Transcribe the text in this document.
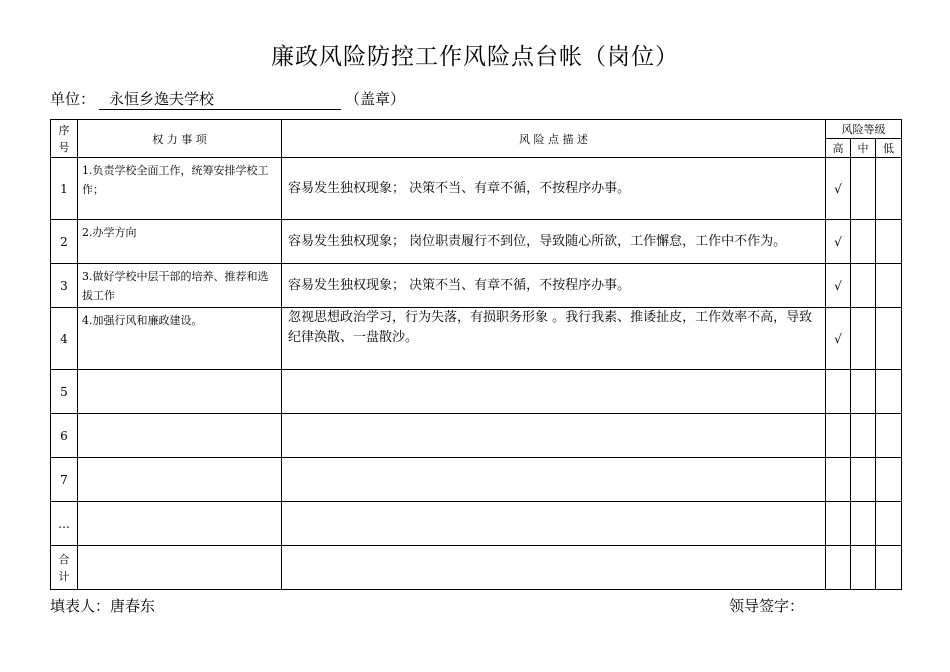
廉政风险防控工作风险点台帐（岗位）
单位： 永恒乡逸夫学校	（盖章）
序号	权 力 事 项	风 险 点 描 述	风险等级		
			高	中	低
1	1.负责学校全面工作，统筹安排学校工作；	容易发生独权现象； 决策不当、有章不循，不按程序办事。	√		
2	2.办学方向	容易发生独权现象； 岗位职责履行不到位，导致随心所欲，工作懈怠，工作中不作为。	√		
3	3.做好学校中层干部的培养、推荐和选拔工作	容易发生独权现象； 决策不当、有章不循，不按程序办事。	√		
4	4.加强行风和廉政建设。	忽视思想政治学习，行为失落，有损职务形象 。我行我素、推诿扯皮，工作效率不高，导致纪律涣散、一盘散沙。	√		
5					
6					
7					
…					
合计					
填表人：唐春东	领导签字：
